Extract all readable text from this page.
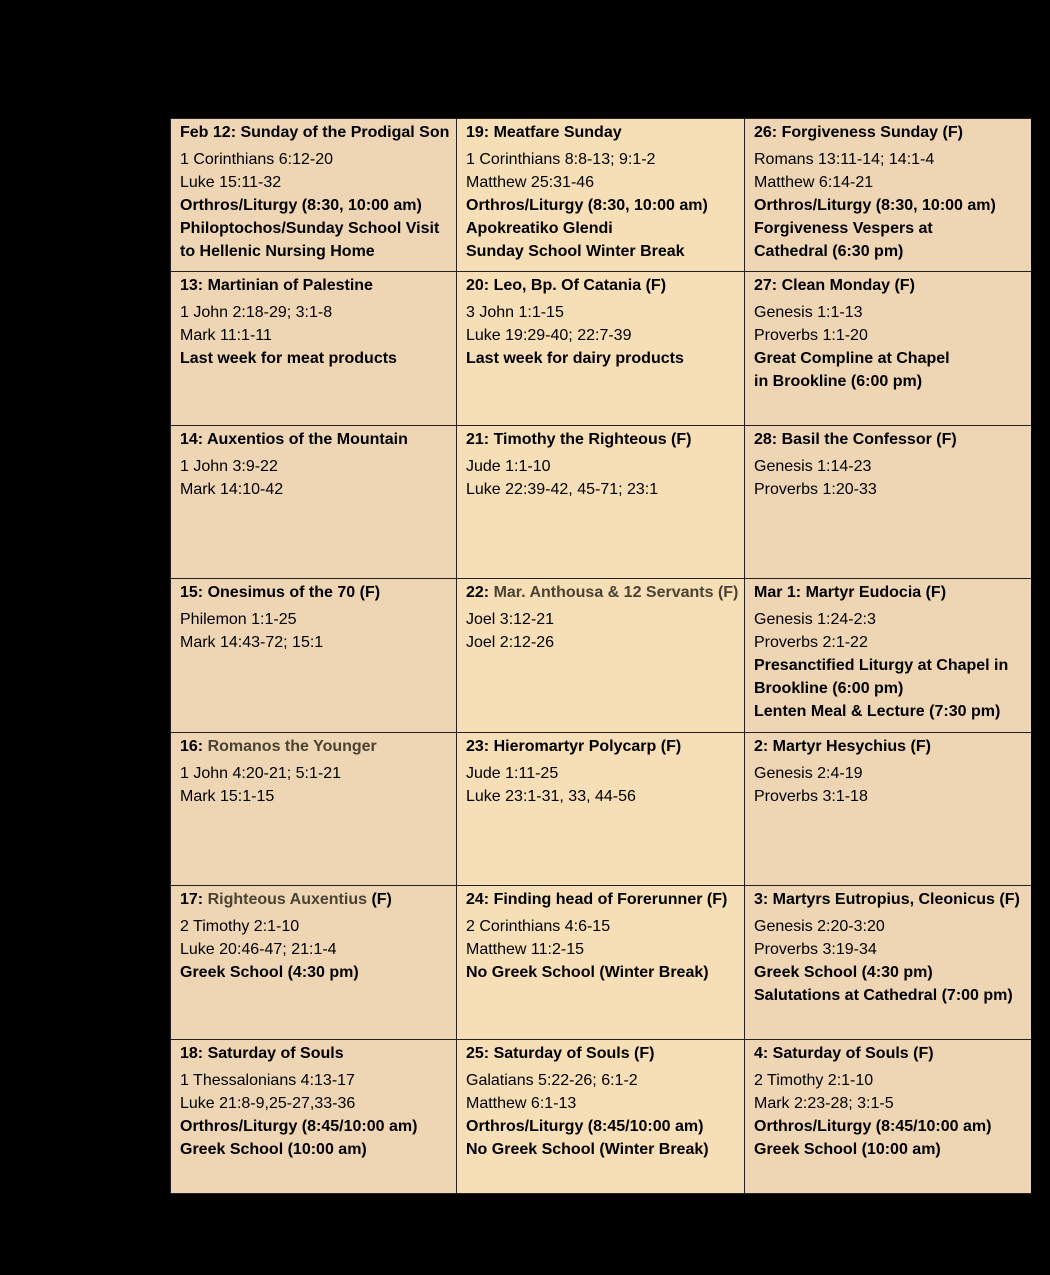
Feb 12: Sunday of the Prodigal Son
1 Corinthians 6:12-20
Luke 15:11-32
Orthros/Liturgy (8:30, 10:00 am)
Philoptochos/Sunday School Visit
to Hellenic Nursing Home
19: Meatfare Sunday
1 Corinthians 8:8-13; 9:1-2
Matthew 25:31-46
Orthros/Liturgy (8:30, 10:00 am)
Apokreatiko Glendi
Sunday School Winter Break
26: Forgiveness Sunday (F)
Romans 13:11-14; 14:1-4
Matthew 6:14-21
Orthros/Liturgy (8:30, 10:00 am)
Forgiveness Vespers at
Cathedral (6:30 pm)
13: Martinian of Palestine
1 John 2:18-29; 3:1-8
Mark 11:1-11
Last week for meat products
20: Leo, Bp. Of Catania (F)
3 John 1:1-15
Luke 19:29-40; 22:7-39
Last week for dairy products
27: Clean Monday (F)
Genesis 1:1-13
Proverbs 1:1-20
Great Compline at Chapel
in Brookline (6:00 pm)
14: Auxentios of the Mountain
1 John 3:9-22
Mark 14:10-42
21: Timothy the Righteous (F)
Jude 1:1-10
Luke 22:39-42, 45-71; 23:1
28: Basil the Confessor (F)
Genesis 1:14-23
Proverbs 1:20-33
15: Onesimus of the 70 (F)
Philemon 1:1-25
Mark 14:43-72; 15:1
22: Mar. Anthousa & 12 Servants (F)
Joel 3:12-21
Joel 2:12-26
Mar 1: Martyr Eudocia (F)
Genesis 1:24-2:3
Proverbs 2:1-22
Presanctified Liturgy at Chapel in
Brookline (6:00 pm)
Lenten Meal & Lecture (7:30 pm)
16: Romanos the Younger
1 John 4:20-21; 5:1-21
Mark 15:1-15
23: Hieromartyr Polycarp (F)
Jude 1:11-25
Luke 23:1-31, 33, 44-56
2: Martyr Hesychius (F)
Genesis 2:4-19
Proverbs 3:1-18
17: Righteous Auxentius (F)
2 Timothy 2:1-10
Luke 20:46-47; 21:1-4
Greek School (4:30 pm)
24: Finding head of Forerunner (F)
2 Corinthians 4:6-15
Matthew 11:2-15
No Greek School (Winter Break)
3: Martyrs Eutropius, Cleonicus (F)
Genesis 2:20-3:20
Proverbs 3:19-34
Greek School (4:30 pm)
Salutations at Cathedral (7:00 pm)
18: Saturday of Souls
1 Thessalonians 4:13-17
Luke 21:8-9,25-27,33-36
Orthros/Liturgy (8:45/10:00 am)
Greek School (10:00 am)
25: Saturday of Souls (F)
Galatians 5:22-26; 6:1-2
Matthew 6:1-13
Orthros/Liturgy (8:45/10:00 am)
No Greek School (Winter Break)
4: Saturday of Souls (F)
2 Timothy 2:1-10
Mark 2:23-28; 3:1-5
Orthros/Liturgy (8:45/10:00 am)
Greek School (10:00 am)
